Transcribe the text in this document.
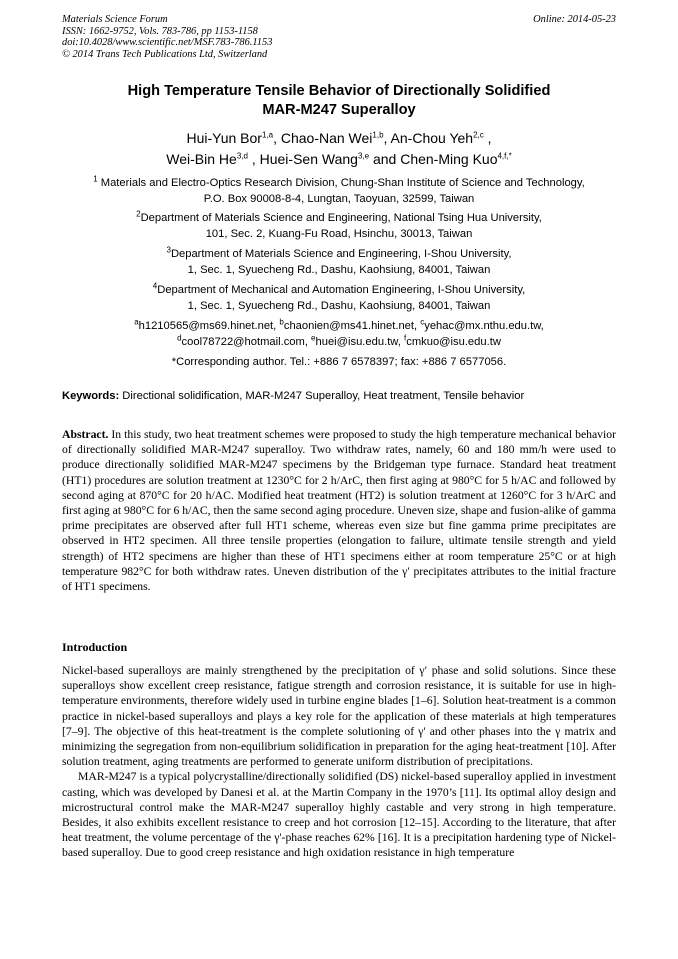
Materials Science Forum
ISSN: 1662-9752, Vols. 783-786, pp 1153-1158
doi:10.4028/www.scientific.net/MSF.783-786.1153
© 2014 Trans Tech Publications Ltd, Switzerland
Online: 2014-05-23
High Temperature Tensile Behavior of Directionally Solidified
MAR-M247 Superalloy
Hui-Yun Bor$^{1,a}$, Chao-Nan Wei$^{1,b}$, An-Chou Yeh$^{2,c}$ ,
Wei-Bin He$^{3,d}$ , Huei-Sen Wang$^{3,e}$ and Chen-Ming Kuo$^{4,f,*}$
$^1$ Materials and Electro-Optics Research Division, Chung-Shan Institute of Science and Technology,
P.O. Box 90008-8-4, Lungtan, Taoyuan, 32599, Taiwan
$^2$Department of Materials Science and Engineering, National Tsing Hua University,
101, Sec. 2, Kuang-Fu Road, Hsinchu, 30013, Taiwan
$^3$Department of Materials Science and Engineering, I-Shou University,
1, Sec. 1, Syuecheng Rd., Dashu, Kaohsiung, 84001, Taiwan
$^4$Department of Mechanical and Automation Engineering, I-Shou University,
1, Sec. 1, Syuecheng Rd., Dashu, Kaohsiung, 84001, Taiwan
$^a$h1210565@ms69.hinet.net, $^b$chaonien@ms41.hinet.net, $^c$yehac@mx.nthu.edu.tw,
$^d$cool78722@hotmail.com, $^e$huei@isu.edu.tw, $^f$cmkuo@isu.edu.tw
*Corresponding author. Tel.: +886 7 6578397; fax: +886 7 6577056.
Keywords: Directional solidification, MAR-M247 Superalloy, Heat treatment, Tensile behavior
Abstract. In this study, two heat treatment schemes were proposed to study the high temperature mechanical behavior of directionally solidified MAR-M247 superalloy. Two withdraw rates, namely, 60 and 180 mm/h were used to produce directionally solidified MAR-M247 specimens by the Bridgeman type furnace. Standard heat treatment (HT1) procedures are solution treatment at 1230°C for 2 h/ArC, then first aging at 980°C for 5 h/AC and followed by second aging at 870°C for 20 h/AC. Modified heat treatment (HT2) is solution treatment at 1260°C for 3 h/ArC and first aging at 980°C for 6 h/AC, then the same second aging procedure. Uneven size, shape and fusion-alike of gamma prime precipitates are observed after full HT1 scheme, whereas even size but fine gamma prime precipitates are observed in HT2 specimen. All three tensile properties (elongation to failure, ultimate tensile strength and yield strength) of HT2 specimens are higher than these of HT1 specimens either at room temperature 25°C or at high temperature 982°C for both withdraw rates. Uneven distribution of the γ′ precipitates attributes to the initial fracture of HT1 specimens.
Introduction

Nickel-based superalloys are mainly strengthened by the precipitation of γ′ phase and solid solutions. Since these superalloys show excellent creep resistance, fatigue strength and corrosion resistance, it is suitable for use in high-temperature environments, therefore widely used in turbine engine blades [1–6]. Solution heat-treatment is a common practice in nickel-based superalloys and plays a key role for the application of these materials at high temperatures [7–9]. The objective of this heat-treatment is the complete solutioning of γ' and other phases into the γ matrix and minimizing the segregation from non-equilibrium solidification in preparation for the aging heat-treatment [10]. After solution treatment, aging treatments are performed to generate uniform distribution of precipitations.

MAR-M247 is a typical polycrystalline/directionally solidified (DS) nickel-based superalloy applied in investment casting, which was developed by Danesi et al. at the Martin Company in the 1970’s [11]. Its optimal alloy design and microstructural control make the MAR-M247 superalloy highly castable and very strong in high temperature. Besides, it also exhibits excellent resistance to creep and hot corrosion [12–15]. According to the literature, that after heat treatment, the volume percentage of the γ'-phase reaches 62% [16]. It is a precipitation hardening type of Nickel-based superalloy. Due to good creep resistance and high oxidation resistance in high temperature
